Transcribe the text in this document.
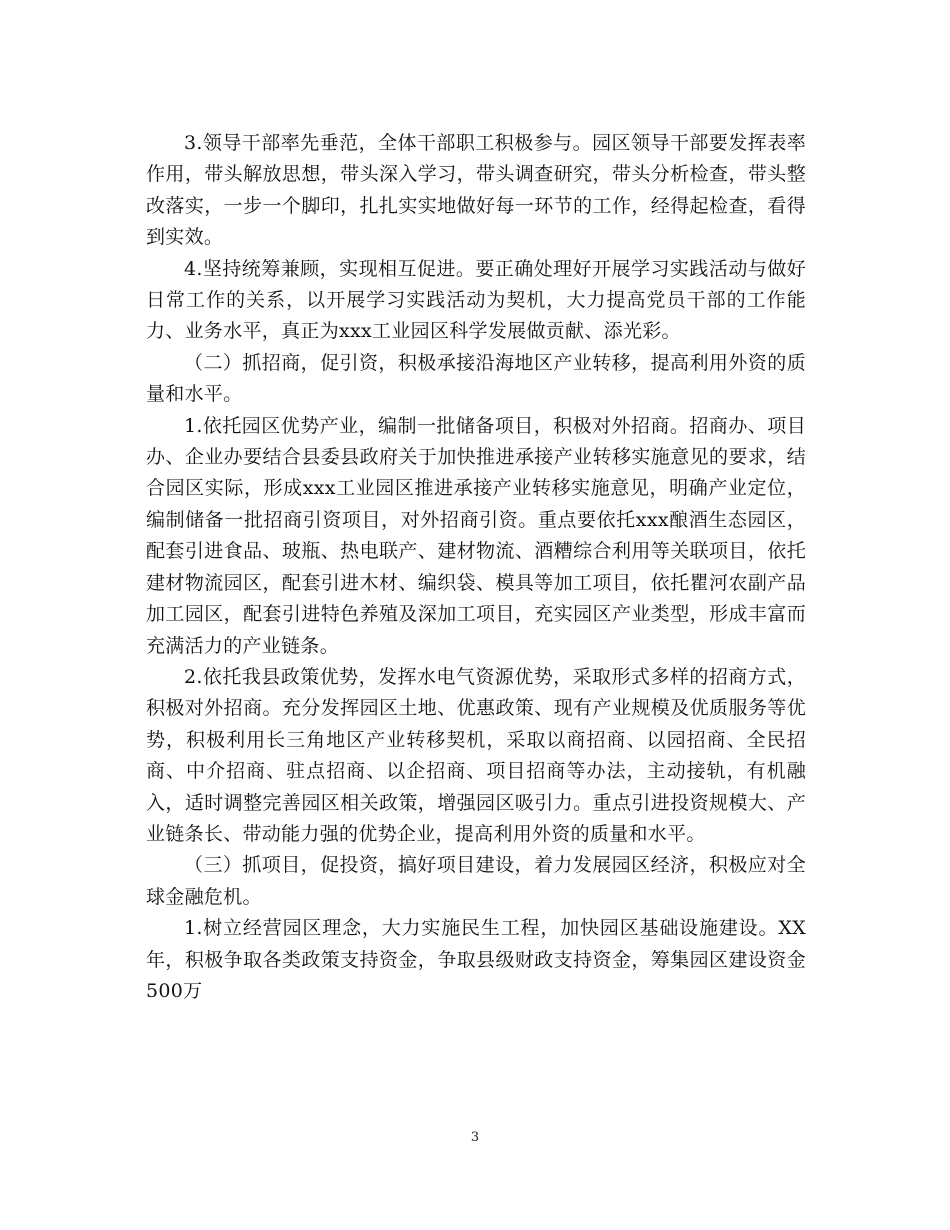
3.领导干部率先垂范，全体干部职工积极参与。园区领导干部要发挥表率作用，带头解放思想，带头深入学习，带头调查研究，带头分析检查，带头整改落实，一步一个脚印，扎扎实实地做好每一环节的工作，经得起检查，看得到实效。

4.坚持统筹兼顾，实现相互促进。要正确处理好开展学习实践活动与做好日常工作的关系，以开展学习实践活动为契机，大力提高党员干部的工作能力、业务水平，真正为xxx工业园区科学发展做贡献、添光彩。

（二）抓招商，促引资，积极承接沿海地区产业转移，提高利用外资的质量和水平。

1.依托园区优势产业，编制一批储备项目，积极对外招商。招商办、项目办、企业办要结合县委县政府关于加快推进承接产业转移实施意见的要求，结合园区实际，形成xxx工业园区推进承接产业转移实施意见，明确产业定位，编制储备一批招商引资项目，对外招商引资。重点要依托xxx酿酒生态园区，配套引进食品、玻瓶、热电联产、建材物流、酒糟综合利用等关联项目，依托建材物流园区，配套引进木材、编织袋、模具等加工项目，依托瞿河农副产品加工园区，配套引进特色养殖及深加工项目，充实园区产业类型，形成丰富而充满活力的产业链条。

2.依托我县政策优势，发挥水电气资源优势，采取形式多样的招商方式，积极对外招商。充分发挥园区土地、优惠政策、现有产业规模及优质服务等优势，积极利用长三角地区产业转移契机，采取以商招商、以园招商、全民招商、中介招商、驻点招商、以企招商、项目招商等办法，主动接轨，有机融入，适时调整完善园区相关政策，增强园区吸引力。重点引进投资规模大、产业链条长、带动能力强的优势企业，提高利用外资的质量和水平。

（三）抓项目，促投资，搞好项目建设，着力发展园区经济，积极应对全球金融危机。

1.树立经营园区理念，大力实施民生工程，加快园区基础设施建设。XX年，积极争取各类政策支持资金，争取县级财政支持资金，筹集园区建设资金500万

3
